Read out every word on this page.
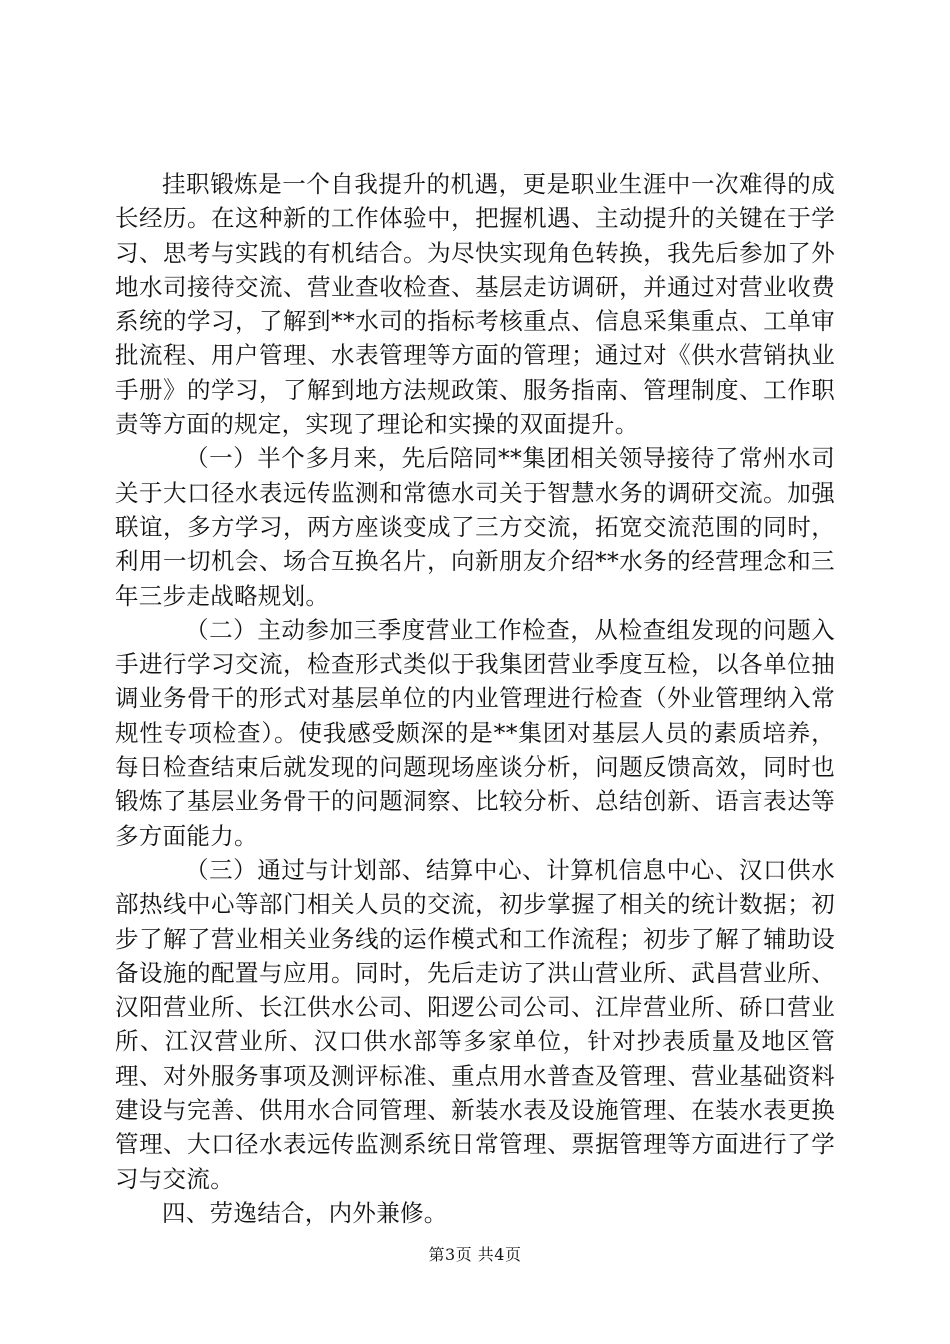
挂职锻炼是一个自我提升的机遇，更是职业生涯中一次难得的成长经历。在这种新的工作体验中，把握机遇、主动提升的关键在于学习、思考与实践的有机结合。为尽快实现角色转换，我先后参加了外地水司接待交流、营业查收检查、基层走访调研，并通过对营业收费系统的学习，了解到**水司的指标考核重点、信息采集重点、工单审批流程、用户管理、水表管理等方面的管理；通过对《供水营销执业手册》的学习，了解到地方法规政策、服务指南、管理制度、工作职责等方面的规定，实现了理论和实操的双面提升。

（一）半个多月来，先后陪同**集团相关领导接待了常州水司关于大口径水表远传监测和常德水司关于智慧水务的调研交流。加强联谊，多方学习，两方座谈变成了三方交流，拓宽交流范围的同时，利用一切机会、场合互换名片，向新朋友介绍**水务的经营理念和三年三步走战略规划。

（二）主动参加三季度营业工作检查，从检查组发现的问题入手进行学习交流，检查形式类似于我集团营业季度互检，以各单位抽调业务骨干的形式对基层单位的内业管理进行检查（外业管理纳入常规性专项检查）。使我感受颇深的是**集团对基层人员的素质培养，每日检查结束后就发现的问题现场座谈分析，问题反馈高效，同时也锻炼了基层业务骨干的问题洞察、比较分析、总结创新、语言表达等多方面能力。

（三）通过与计划部、结算中心、计算机信息中心、汉口供水部热线中心等部门相关人员的交流，初步掌握了相关的统计数据；初步了解了营业相关业务线的运作模式和工作流程；初步了解了辅助设备设施的配置与应用。同时，先后走访了洪山营业所、武昌营业所、汉阳营业所、长江供水公司、阳逻公司公司、江岸营业所、硚口营业所、江汉营业所、汉口供水部等多家单位，针对抄表质量及地区管理、对外服务事项及测评标准、重点用水普查及管理、营业基础资料建设与完善、供用水合同管理、新装水表及设施管理、在装水表更换管理、大口径水表远传监测系统日常管理、票据管理等方面进行了学习与交流。

四、劳逸结合，内外兼修。

第3页 共4页
